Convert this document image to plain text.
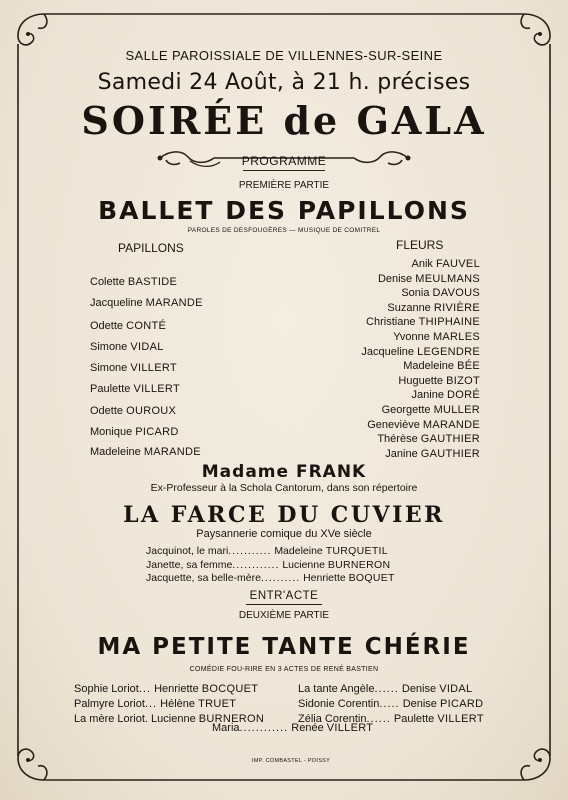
SALLE PAROISSIALE DE VILLENNES-SUR-SEINE
Samedi 24 Août, à 21 h. précises
SOIRÉE de GALA
PROGRAMME
PREMIÈRE PARTIE
BALLET DES PAPILLONS
PAROLES DE DESFOUGÈRES — MUSIQUE DE COMITREL
PAPILLONS	FLEURS
Colette BASTIDE
Jacqueline MARANDE
Odette CONTÉ
Simone VIDAL
Simone VILLERT
Paulette VILLERT
Odette OUROUX
Monique PICARD
Madeleine MARANDE
Anik FAUVEL
Denise MEULMANS
Sonia DAVOUS
Suzanne RIVIÈRE
Christiane THIPHAINE
Yvonne MARLES
Jacqueline LEGENDRE
Madeleine BÉE
Huguette BIZOT
Janine DORÉ
Georgette MULLER
Geneviève MARANDE
Thérèse GAUTHIER
Janine GAUTHIER
Madame FRANK
Ex-Professeur à la Schola Cantorum, dans son répertoire
LA FARCE DU CUVIER
Paysannerie comique du XVe siècle
Jacquinot, le mari........... Madeleine TURQUETIL
Janette, sa femme............ Lucienne BURNERON
Jacquette, sa belle-mère.......... Henriette BOQUET
ENTR'ACTE
DEUXIÈME PARTIE
MA PETITE TANTE CHÉRIE
COMÉDIE FOU-RIRE EN 3 ACTES DE RENÉ BASTIEN
Sophie Loriot... Henriette BOCQUET
Palmyre Loriot... Hélène TRUET
La mère Loriot. Lucienne BURNERON
La tante Angèle...... Denise VIDAL
Sidonie Corentin..... Denise PICARD
Zélia Corentin...... Paulette VILLERT
Maria............ Renée VILLERT
IMP. COMBASTEL - POISSY
